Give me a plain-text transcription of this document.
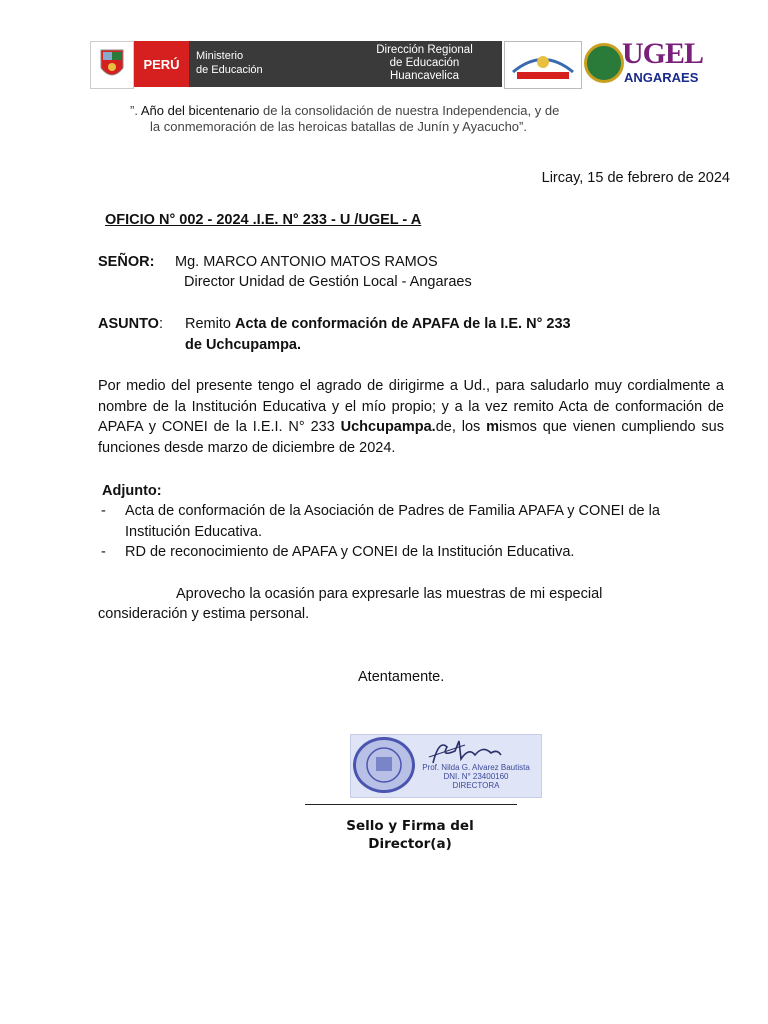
PERÚ
Ministerio
de Educación
Dirección Regional
de Educación
Huancavelica
UGEL
ANGARAES
”. Año del bicentenario de la consolidación de nuestra Independencia, y de
la conmemoración de las heroicas batallas de Junín y Ayacucho”.
Lircay, 15 de febrero de 2024
OFICIO N° 002 - 2024 .I.E. N° 233 - U /UGEL - A
SEÑOR: Mg. MARCO ANTONIO MATOS RAMOS
Director Unidad de Gestión Local - Angaraes
ASUNTO: Remito Acta de conformación de APAFA de la I.E. N° 233
de Uchcupampa.
Por medio del presente tengo el agrado de dirigirme a Ud., para saludarlo muy cordialmente a nombre de la Institución Educativa y el mío propio; y a la vez remito Acta de conformación de APAFA y CONEI de la I.E.I. N° 233 Uchcupampa.de, los mismos que vienen cumpliendo sus funciones desde marzo de diciembre de 2024.
Adjunto:
- Acta de conformación de la Asociación de Padres de Familia APAFA y CONEI de la Institución Educativa.
- RD de reconocimiento de APAFA y CONEI de la Institución Educativa.
Aprovecho la ocasión para expresarle las muestras de mi especial
consideración y estima personal.
Atentamente.
Prof. Nilda G. Alvarez Bautista
DNI. N° 23400160
DIRECTORA
Sello y Firma del
Director(a)
